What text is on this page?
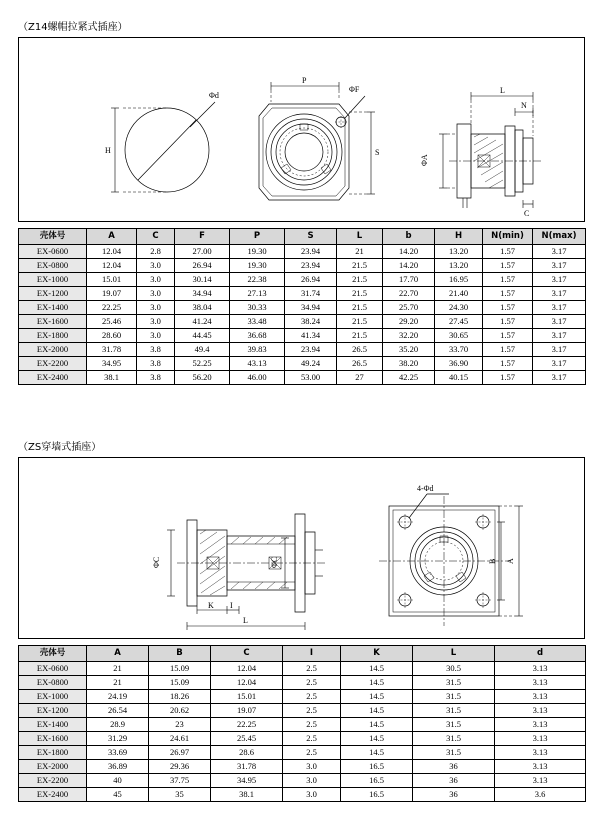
（Z14螺帽拉紧式插座）
Φd
H
ΦF
P
S
L
N
ΦA
C
壳体号	A	C	F	P	S	L	b	H	N(min)	N(max)
EX-0600	12.04	2.8	27.00	19.30	23.94	21	14.20	13.20	1.57	3.17
EX-0800	12.04	3.0	26.94	19.30	23.94	21.5	14.20	13.20	1.57	3.17
EX-1000	15.01	3.0	30.14	22.38	26.94	21.5	17.70	16.95	1.57	3.17
EX-1200	19.07	3.0	34.94	27.13	31.74	21.5	22.70	21.40	1.57	3.17
EX-1400	22.25	3.0	38.04	30.33	34.94	21.5	25.70	24.30	1.57	3.17
EX-1600	25.46	3.0	41.24	33.48	38.24	21.5	29.20	27.45	1.57	3.17
EX-1800	28.60	3.0	44.45	36.68	41.34	21.5	32.20	30.65	1.57	3.17
EX-2000	31.78	3.8	49.4	39.83	23.94	26.5	35.20	33.70	1.57	3.17
EX-2200	34.95	3.8	52.25	43.13	49.24	26.5	38.20	36.90	1.57	3.17
EX-2400	38.1	3.8	56.20	46.00	53.00	27	42.25	40.15	1.57	3.17
（ZS穿墙式插座）
ΦC	ΦC
K I
L
4-Φd
A
B
壳体号	A	B	C	I	K	L	d
EX-0600	21	15.09	12.04	2.5	14.5	30.5	3.13
EX-0800	21	15.09	12.04	2.5	14.5	31.5	3.13
EX-1000	24.19	18.26	15.01	2.5	14.5	31.5	3.13
EX-1200	26.54	20.62	19.07	2.5	14.5	31.5	3.13
EX-1400	28.9	23	22.25	2.5	14.5	31.5	3.13
EX-1600	31.29	24.61	25.45	2.5	14.5	31.5	3.13
EX-1800	33.69	26.97	28.6	2.5	14.5	31.5	3.13
EX-2000	36.89	29.36	31.78	3.0	16.5	36	3.13
EX-2200	40	37.75	34.95	3.0	16.5	36	3.13
EX-2400	45	35	38.1	3.0	16.5	36	3.6
